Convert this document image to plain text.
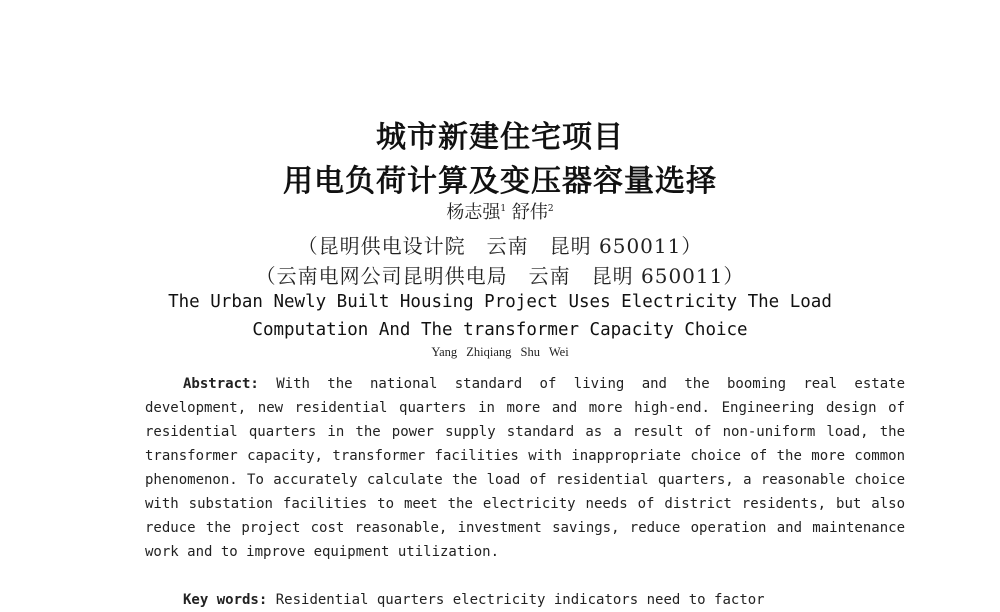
城市新建住宅项目
用电负荷计算及变压器容量选择
杨志强$^1$ 舒伟$^2$
（昆明供电设计院　云南　昆明 650011）
（云南电网公司昆明供电局　云南　昆明 650011）
The Urban Newly Built Housing Project Uses Electricity The Load
Computation And The transformer Capacity Choice
Yang Zhiqiang Shu Wei
Abstract: With the national standard of living and the booming real estate development, new residential quarters in more and more high-end. Engineering design of residential quarters in the power supply standard as a result of non-uniform load, the transformer capacity, transformer facilities with inappropriate choice of the more common phenomenon. To accurately calculate the load of residential quarters, a reasonable choice with substation facilities to meet the electricity needs of district residents, but also reduce the project cost reasonable, investment savings, reduce operation and maintenance work and to improve equipment utilization.
Key words: Residential quarters electricity indicators need to factor
